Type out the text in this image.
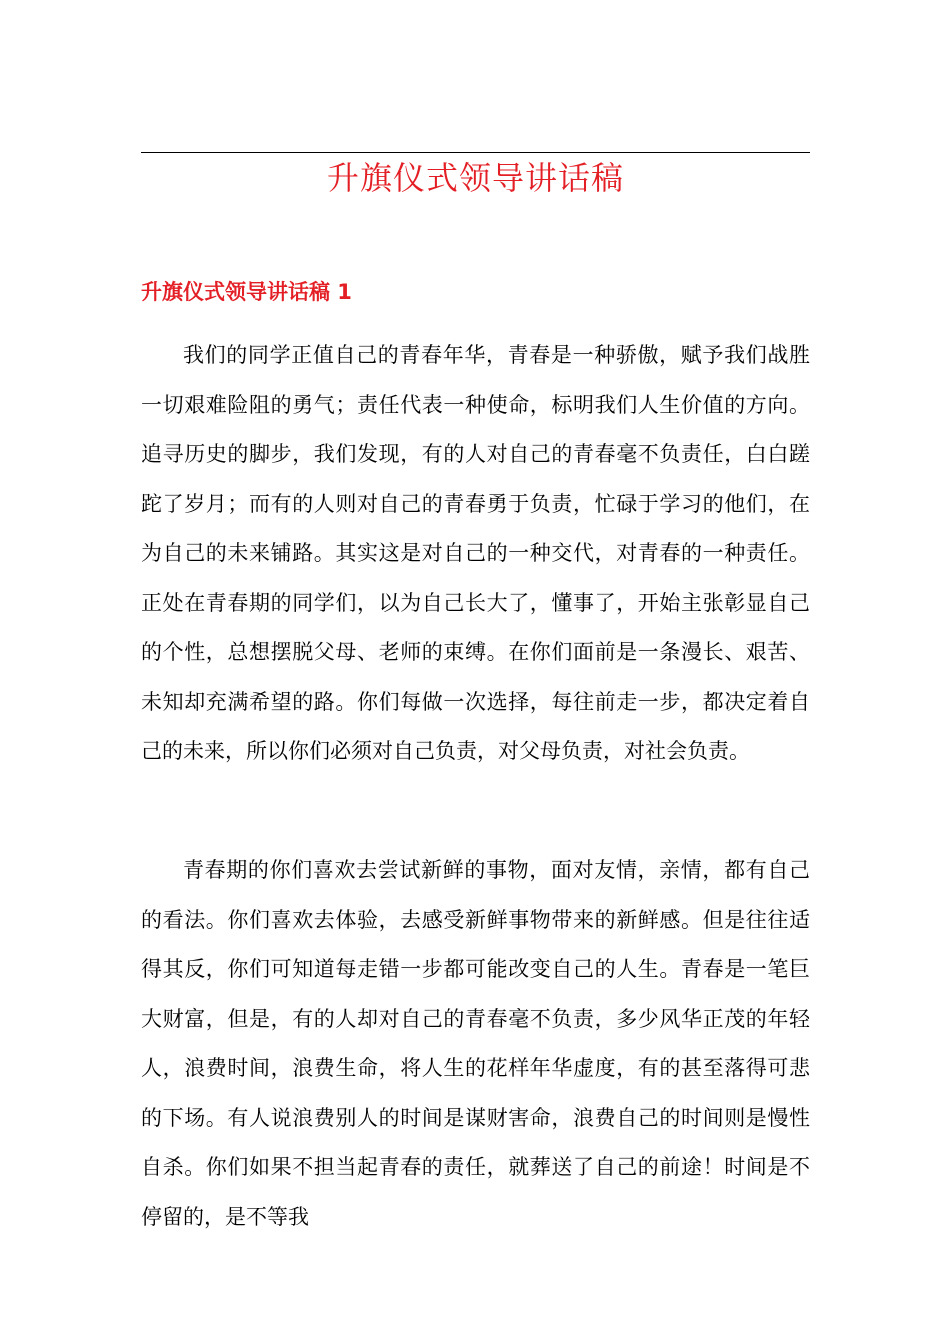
升旗仪式领导讲话稿
升旗仪式领导讲话稿 1

我们的同学正值自己的青春年华，青春是一种骄傲，赋予我们战胜一切艰难险阻的勇气；责任代表一种使命，标明我们人生价值的方向。追寻历史的脚步，我们发现，有的人对自己的青春毫不负责任，白白蹉跎了岁月；而有的人则对自己的青春勇于负责，忙碌于学习的他们，在为自己的未来铺路。其实这是对自己的一种交代，对青春的一种责任。正处在青春期的同学们，以为自己长大了，懂事了，开始主张彰显自己的个性，总想摆脱父母、老师的束缚。在你们面前是一条漫长、艰苦、未知却充满希望的路。你们每做一次选择，每往前走一步，都决定着自己的未来，所以你们必须对自己负责，对父母负责，对社会负责。

青春期的你们喜欢去尝试新鲜的事物，面对友情，亲情，都有自己的看法。你们喜欢去体验，去感受新鲜事物带来的新鲜感。但是往往适得其反，你们可知道每走错一步都可能改变自己的人生。青春是一笔巨大财富，但是，有的人却对自己的青春毫不负责，多少风华正茂的年轻人，浪费时间，浪费生命，将人生的花样年华虚度，有的甚至落得可悲的下场。有人说浪费别人的时间是谋财害命，浪费自己的时间则是慢性自杀。你们如果不担当起青春的责任，就葬送了自己的前途！时间是不停留的，是不等我
